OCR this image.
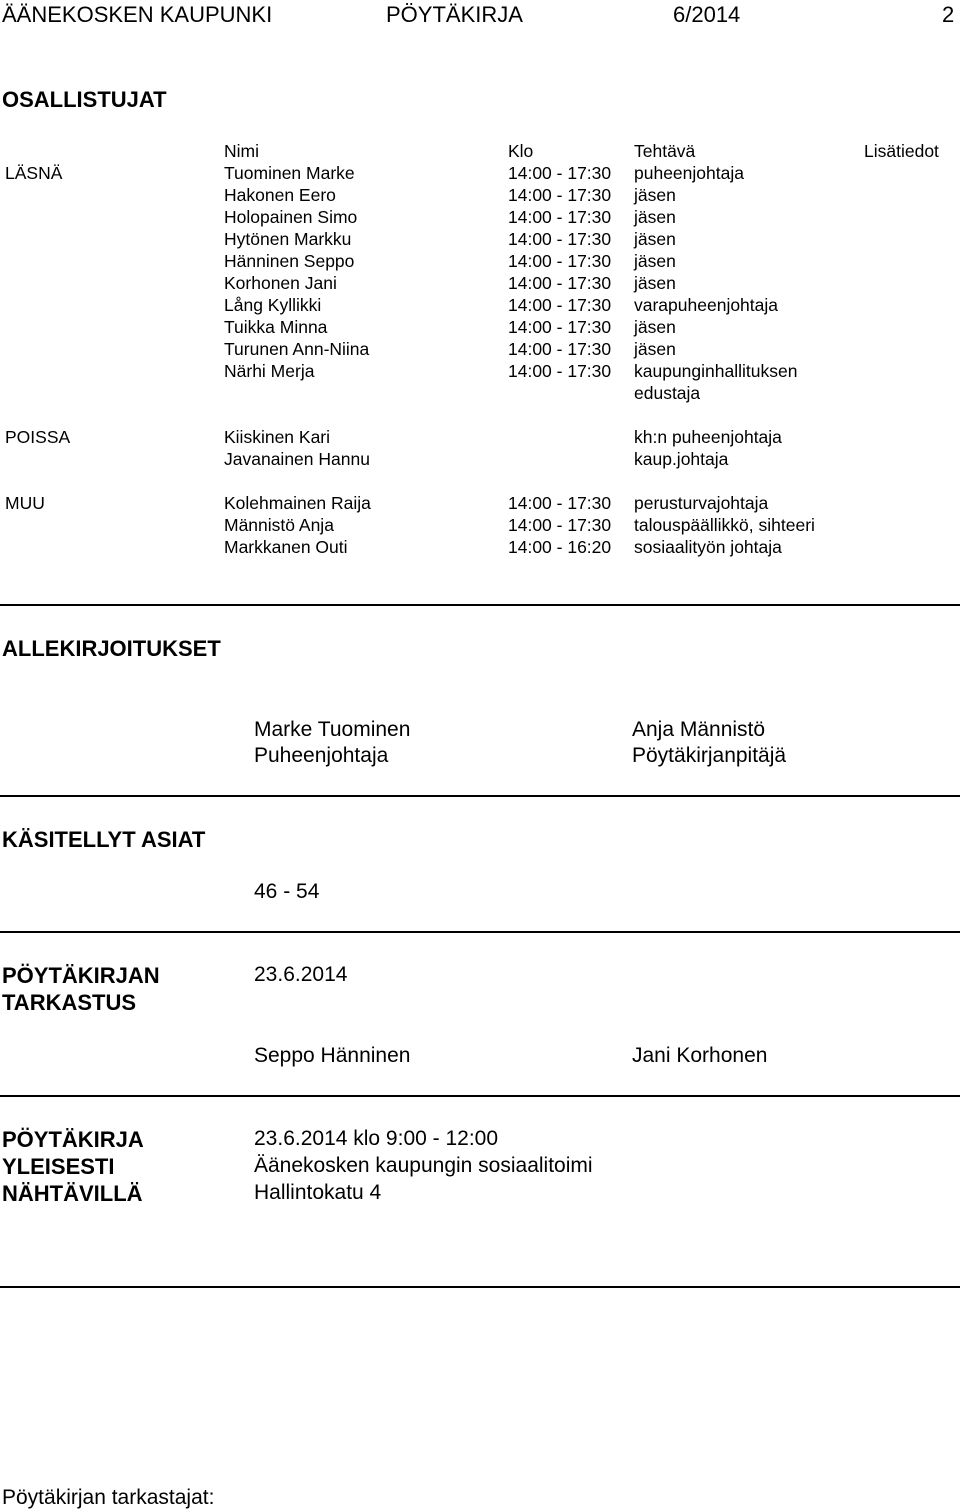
ÄÄNEKOSKEN KAUPUNKI	PÖYTÄKIRJA	6/2014	2
OSALLISTUJAT
Nimi	Klo	Tehtävä	Lisätiedot
LÄSNÄ	Tuominen Marke	14:00 - 17:30 puheenjohtaja
Hakonen Eero	14:00 - 17:30 jäsen
Holopainen Simo	14:00 - 17:30 jäsen
Hytönen Markku	14:00 - 17:30 jäsen
Hänninen Seppo	14:00 - 17:30 jäsen
Korhonen Jani	14:00 - 17:30 jäsen
Lång Kyllikki	14:00 - 17:30 varapuheenjohtaja
Tuikka Minna	14:00 - 17:30 jäsen
Turunen Ann-Niina	14:00 - 17:30 jäsen
Närhi Merja	14:00 - 17:30 kaupunginhallituksen
edustaja
POISSA	Kiiskinen Kari	kh:n puheenjohtaja
Javanainen Hannu	kaup.johtaja
MUU	Kolehmainen Raija	14:00 - 17:30 perusturvajohtaja
Männistö Anja	14:00 - 17:30 talouspäällikkö, sihteeri
Markkanen Outi	14:00 - 16:20 sosiaalityön johtaja
ALLEKIRJOITUKSET
Marke Tuominen
Puheenjohtaja
Anja Männistö
Pöytäkirjanpitäjä
KÄSITELLYT ASIAT
46 - 54
PÖYTÄKIRJAN
TARKASTUS
23.6.2014
Seppo Hänninen	Jani Korhonen
PÖYTÄKIRJA
YLEISESTI
NÄHTÄVILLÄ
23.6.2014 klo 9:00 - 12:00
Äänekosken kaupungin sosiaalitoimi
Hallintokatu 4
Pöytäkirjan tarkastajat:
